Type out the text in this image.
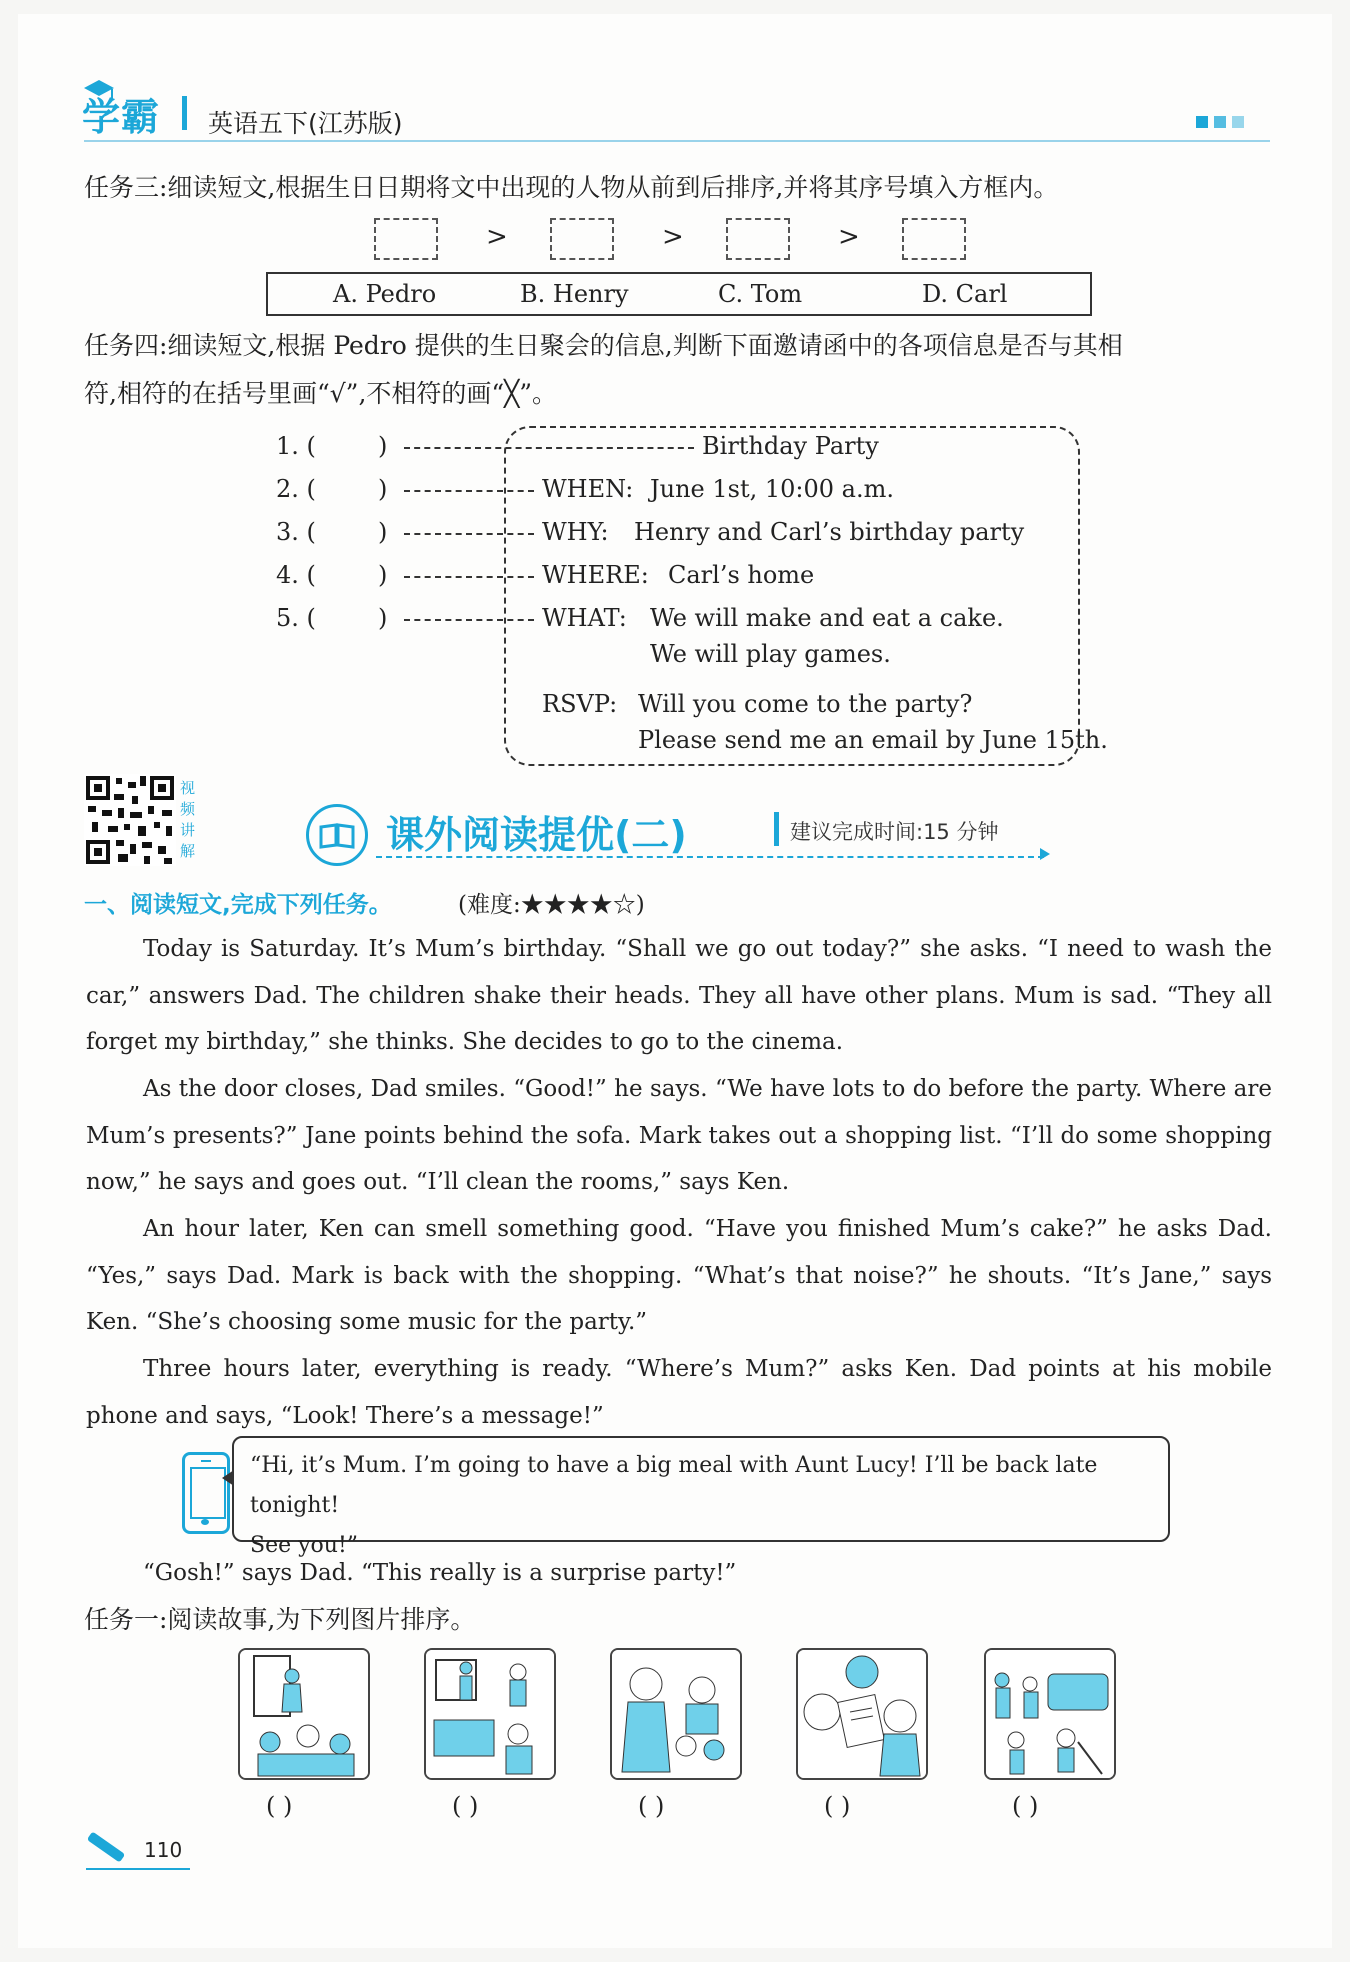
学霸 英语五下(江苏版)
任务三:细读短文,根据生日日期将文中出现的人物从前到后排序,并将其序号填入方框内。
>	>	>
A. Pedro	B. Henry	C. Tom	D. Carl
任务四:细读短文,根据 Pedro 提供的生日聚会的信息,判断下面邀请函中的各项信息是否与其相
符,相符的在括号里画“√”,不相符的画“╳”。
1. (	)
2. (	)
3. (	)
4. (	)
5. (	)
Birthday Party
WHEN: June 1st, 10:00 a.m.
WHY: Henry and Carl’s birthday party
WHERE: Carl’s home
WHAT: We will make and eat a cake.
We will play games.
RSVP: Will you come to the party?
Please send me an email by June 15th.
视
频
讲
解	课外阅读提优(二)	建议完成时间:15 分钟
一、阅读短文,完成下列任务。	(难度:★★★★☆)
Today is Saturday. It’s Mum’s birthday. “Shall we go out today?” she asks. “I need to wash the car,” answers Dad. The children shake their heads. They all have other plans. Mum is sad. “They all forget my birthday,” she thinks. She decides to go to the cinema.
As the door closes, Dad smiles. “Good!” he says. “We have lots to do before the party. Where are Mum’s presents?” Jane points behind the sofa. Mark takes out a shopping list. “I’ll do some shopping now,” he says and goes out. “I’ll clean the rooms,” says Ken.
An hour later, Ken can smell something good. “Have you finished Mum’s cake?” he asks Dad. “Yes,” says Dad. Mark is back with the shopping. “What’s that noise?” he shouts. “It’s Jane,” says Ken. “She’s choosing some music for the party.”
Three hours later, everything is ready. “Where’s Mum?” asks Ken. Dad points at his mobile phone and says, “Look! There’s a message!”
“Hi, it’s Mum. I’m going to have a big meal with Aunt Lucy! I’ll be back late tonight!
See you!”
“Gosh!” says Dad. “This really is a surprise party!”
任务一:阅读故事,为下列图片排序。
( )	( )	( )	( )	( )
110
